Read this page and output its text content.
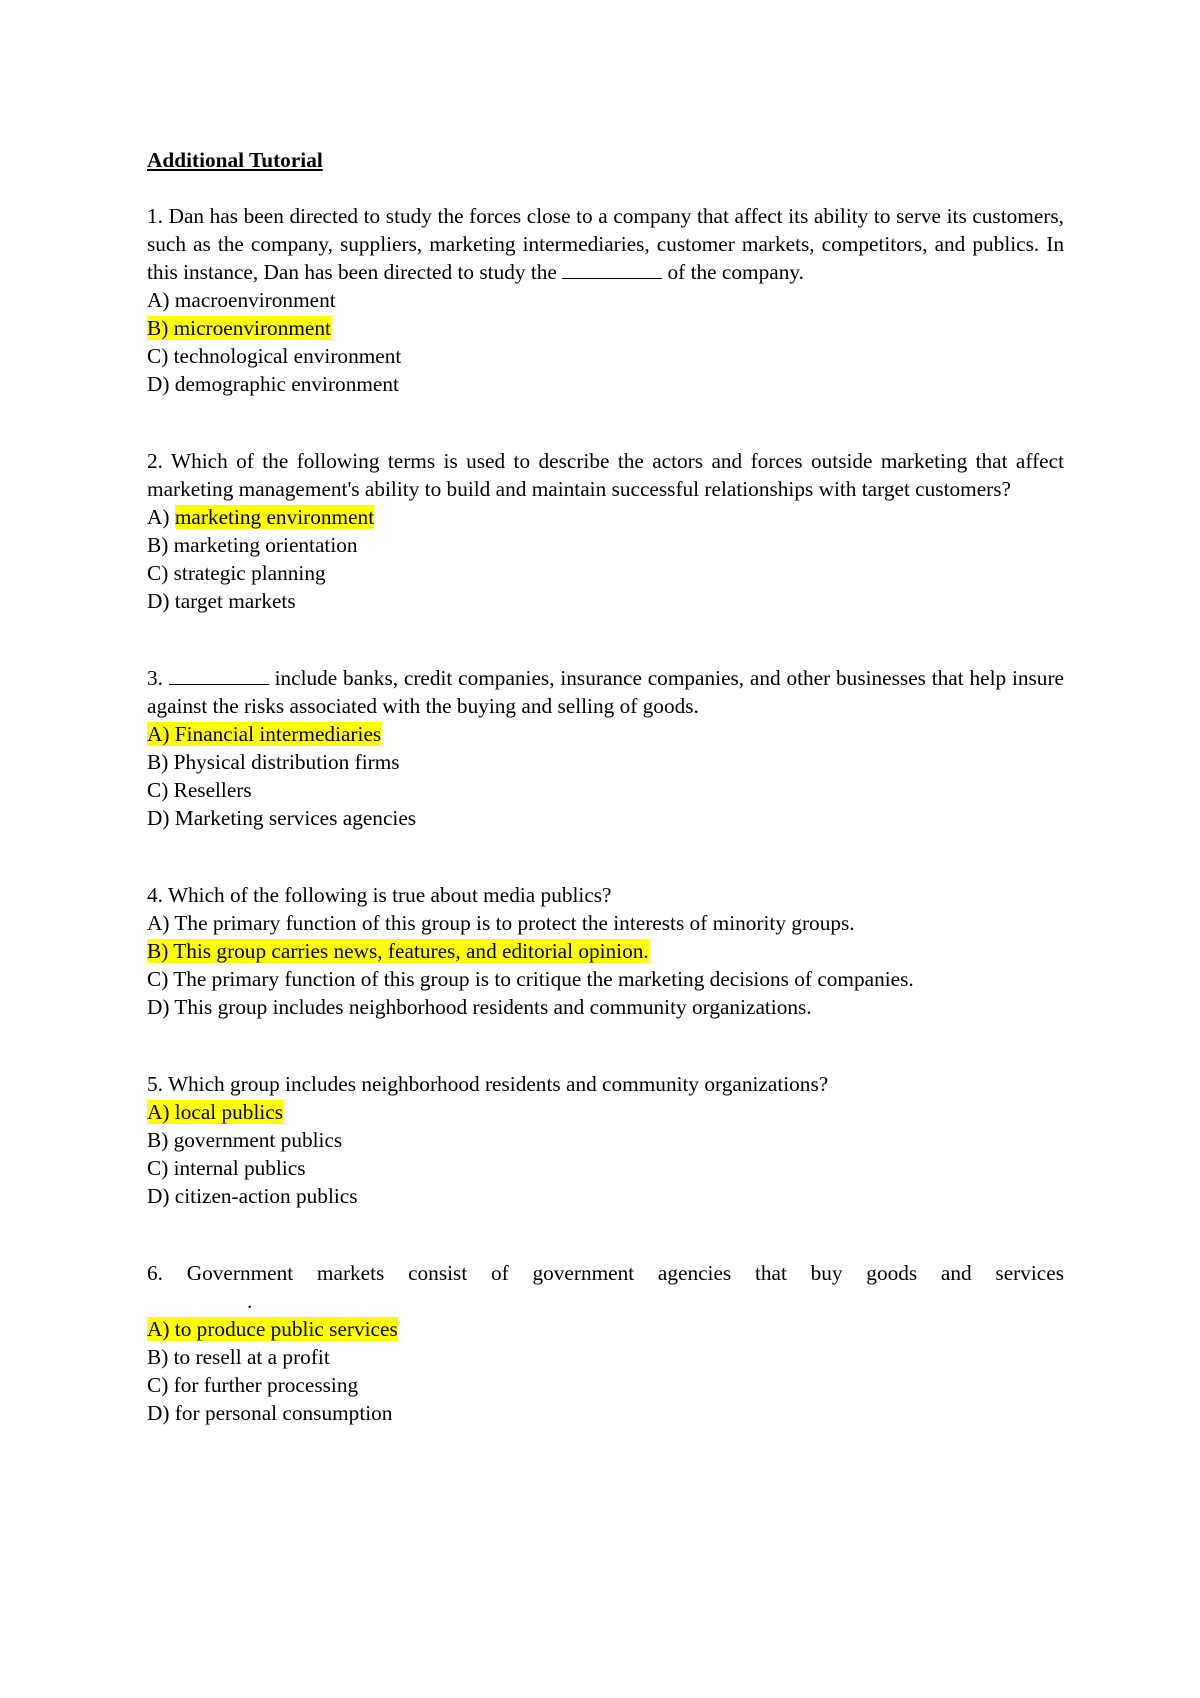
Additional Tutorial
1. Dan has been directed to study the forces close to a company that affect its ability to serve its customers, such as the company, suppliers, marketing intermediaries, customer markets, competitors, and publics. In this instance, Dan has been directed to study the	of the company.
A) macroenvironment
B) microenvironment
C) technological environment
D) demographic environment
2. Which of the following terms is used to describe the actors and forces outside marketing that affect marketing management's ability to build and maintain successful relationships with target customers?
A) marketing environment
B) marketing orientation
C) strategic planning
D) target markets
3.	include banks, credit companies, insurance companies, and other businesses that help insure against the risks associated with the buying and selling of goods.
A) Financial intermediaries
B) Physical distribution firms
C) Resellers
D) Marketing services agencies
4. Which of the following is true about media publics?
A) The primary function of this group is to protect the interests of minority groups.
B) This group carries news, features, and editorial opinion.
C) The primary function of this group is to critique the marketing decisions of companies.
D) This group includes neighborhood residents and community organizations.
5. Which group includes neighborhood residents and community organizations?
A) local publics
B) government publics
C) internal publics
D) citizen-action publics
6. Government markets consist of government agencies that buy goods and services
.
A) to produce public services
B) to resell at a profit
C) for further processing
D) for personal consumption
